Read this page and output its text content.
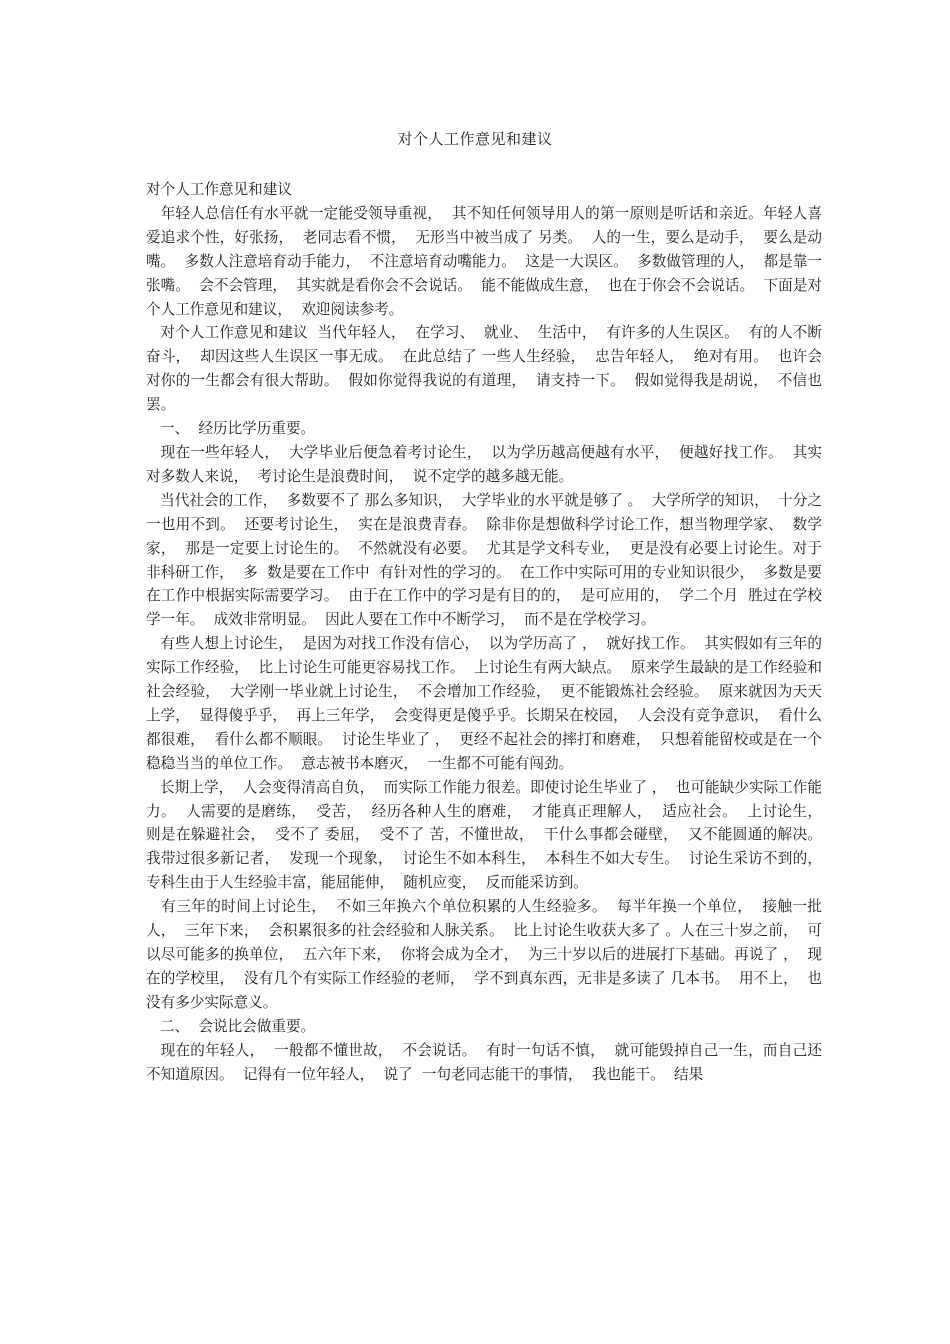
对个人工作意见和建议

对个人工作意见和建议

年轻人总信任有水平就一定能受领导重视，  其不知任何领导用人的第一原则是听话和亲近。年轻人喜爱追求个性，好张扬，  老同志看不惯，  无形当中被当成了 另类。  人的一生，要么是动手，  要么是动嘴。  多数人注意培育动手能力，  不注意培育动嘴能力。  这是一大误区。  多数做管理的人，  都是靠一张嘴。  会不会管理，  其实就是看你会不会说话。  能不能做成生意，  也在于你会不会说话。  下面是对个人工作意见和建议，  欢迎阅读参考。

对个人工作意见和建议  当代年轻人，  在学习、  就业、  生活中，  有许多的人生误区。  有的人不断奋斗，  却因这些人生误区一事无成。  在此总结了 一些人生经验，  忠告年轻人，  绝对有用。  也许会对你的一生都会有很大帮助。  假如你觉得我说的有道理，  请支持一下。  假如觉得我是胡说，  不信也罢。

一、  经历比学历重要。

现在一些年轻人，  大学毕业后便急着考讨论生，  以为学历越高便越有水平，  便越好找工作。  其实对多数人来说，  考讨论生是浪费时间，  说不定学的越多越无能。

当代社会的工作，  多数要不了 那么多知识，  大学毕业的水平就是够了 。  大学所学的知识，  十分之一也用不到。  还要考讨论生，  实在是浪费青春。  除非你是想做科学讨论工作，想当物理学家、  数学家，  那是一定要上讨论生的。  不然就没有必要。  尤其是学文科专业，  更是没有必要上讨论生。对于非科研工作，  多  数是要在工作中  有针对性的学习的。  在工作中实际可用的专业知识很少，  多数是要在工作中根据实际需要学习。  由于在工作中的学习是有目的的，  是可应用的，  学二个月  胜过在学校学一年。  成效非常明显。  因此人要在工作中不断学习，  而不是在学校学习。

有些人想上讨论生，  是因为对找工作没有信心，  以为学历高了 ，  就好找工作。  其实假如有三年的实际工作经验，  比上讨论生可能更容易找工作。  上讨论生有两大缺点。  原来学生最缺的是工作经验和社会经验，  大学刚一毕业就上讨论生，  不会增加工作经验，  更不能锻炼社会经验。  原来就因为天天上学，  显得傻乎乎，  再上三年学，  会变得更是傻乎乎。长期呆在校园，  人会没有竞争意识，  看什么都很难，  看什么都不顺眼。  讨论生毕业了 ，  更经不起社会的摔打和磨难，  只想着能留校或是在一个稳稳当当的单位工作。  意志被书本磨灭，  一生都不可能有闯劲。

长期上学，  人会变得清高自负，  而实际工作能力很差。即使讨论生毕业了 ，  也可能缺少实际工作能力。  人需要的是磨练，  受苦，  经历各种人生的磨难，  才能真正理解人，  适应社会。  上讨论生，  则是在躲避社会，  受不了 委屈，  受不了 苦，不懂世故，  干什么事都会碰壁，  又不能圆通的解决。  我带过很多新记者，  发现一个现象，  讨论生不如本科生，  本科生不如大专生。  讨论生采访不到的，  专科生由于人生经验丰富，能屈能伸，  随机应变，  反而能采访到。

有三年的时间上讨论生，  不如三年换六个单位积累的人生经验多。  每半年换一个单位，  接触一批人，  三年下来，  会积累很多的社会经验和人脉关系。  比上讨论生收获大多了 。人在三十岁之前，  可以尽可能多的换单位，  五六年下来，  你将会成为全才，  为三十岁以后的进展打下基础。再说了 ，  现在的学校里，  没有几个有实际工作经验的老师，  学不到真东西，无非是多读了 几本书。  用不上，  也没有多少实际意义。

二、  会说比会做重要。

现在的年轻人，  一般都不懂世故，  不会说话。  有时一句话不慎，  就可能毁掉自己一生，而自己还不知道原因。  记得有一位年轻人，  说了  一句老同志能干的事情，  我也能干。  结果
